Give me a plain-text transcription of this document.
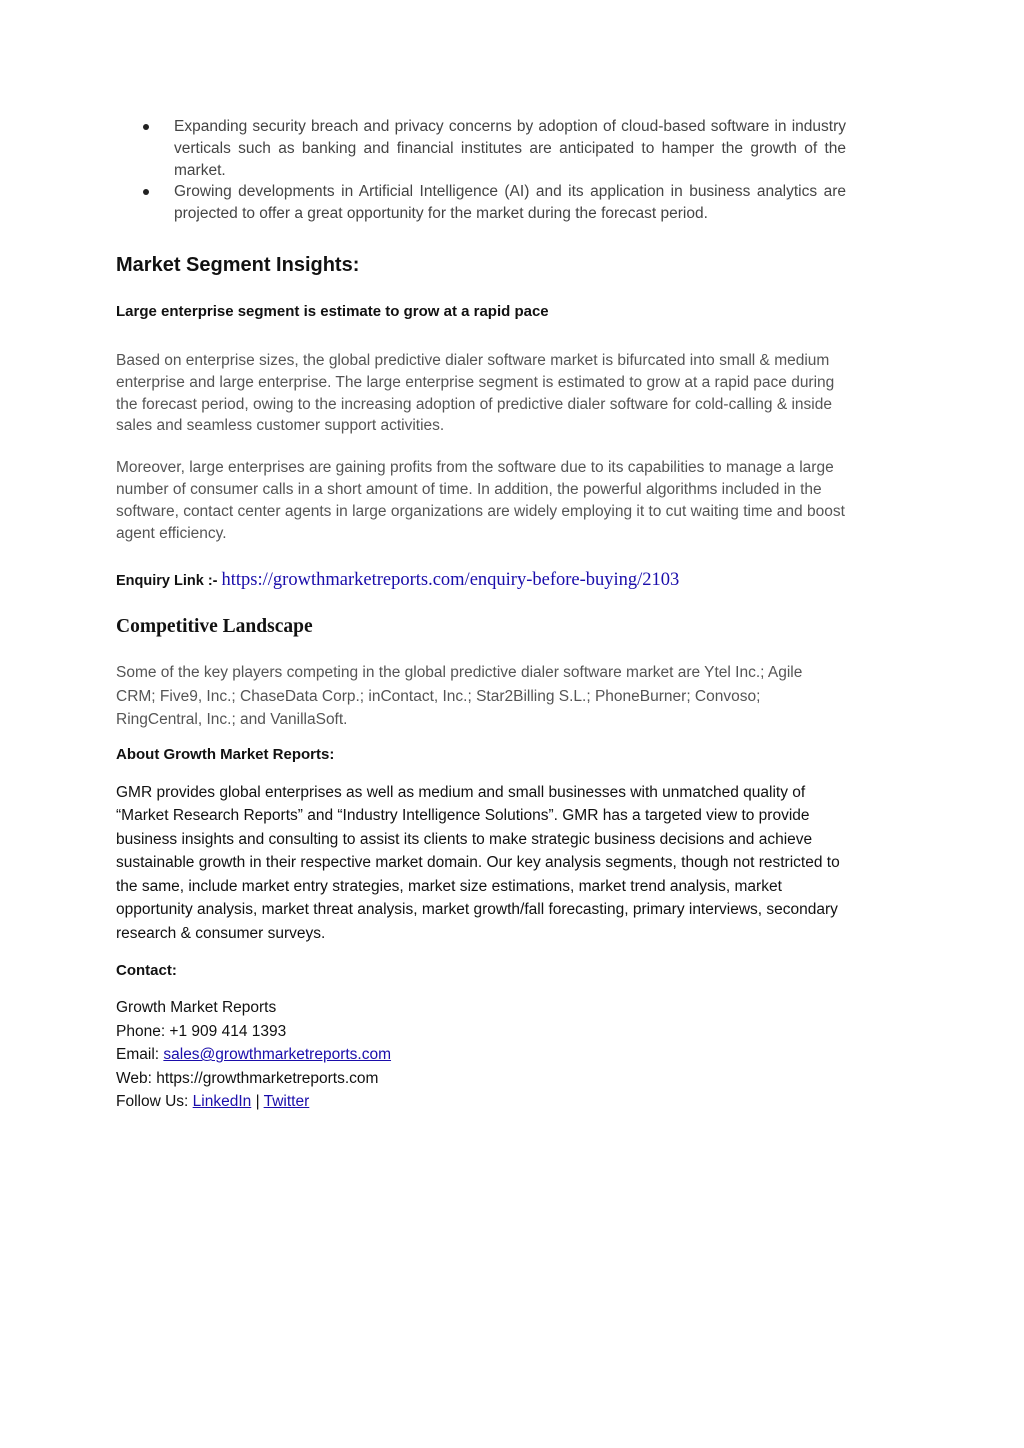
Expanding security breach and privacy concerns by adoption of cloud-based software in industry verticals such as banking and financial institutes are anticipated to hamper the growth of the market.
Growing developments in Artificial Intelligence (AI) and its application in business analytics are projected to offer a great opportunity for the market during the forecast period.
Market Segment Insights:
Large enterprise segment is estimate to grow at a rapid pace

Based on enterprise sizes, the global predictive dialer software market is bifurcated into small & medium enterprise and large enterprise. The large enterprise segment is estimated to grow at a rapid pace during the forecast period, owing to the increasing adoption of predictive dialer software for cold-calling & inside sales and seamless customer support activities.

Moreover, large enterprises are gaining profits from the software due to its capabilities to manage a large number of consumer calls in a short amount of time. In addition, the powerful algorithms included in the software, contact center agents in large organizations are widely employing it to cut waiting time and boost agent efficiency.

Enquiry Link :- https://growthmarketreports.com/enquiry-before-buying/2103
Competitive Landscape

Some of the key players competing in the global predictive dialer software market are Ytel Inc.; Agile CRM; Five9, Inc.; ChaseData Corp.; inContact, Inc.; Star2Billing S.L.; PhoneBurner; Convoso; RingCentral, Inc.; and VanillaSoft.

About Growth Market Reports:

GMR provides global enterprises as well as medium and small businesses with unmatched quality of “Market Research Reports” and “Industry Intelligence Solutions”. GMR has a targeted view to provide business insights and consulting to assist its clients to make strategic business decisions and achieve sustainable growth in their respective market domain. Our key analysis segments, though not restricted to the same, include market entry strategies, market size estimations, market trend analysis, market opportunity analysis, market threat analysis, market growth/fall forecasting, primary interviews, secondary research & consumer surveys.

Contact:
Growth Market Reports
Phone: +1 909 414 1393
Email: sales@growthmarketreports.com
Web: https://growthmarketreports.com
Follow Us: LinkedIn | Twitter
